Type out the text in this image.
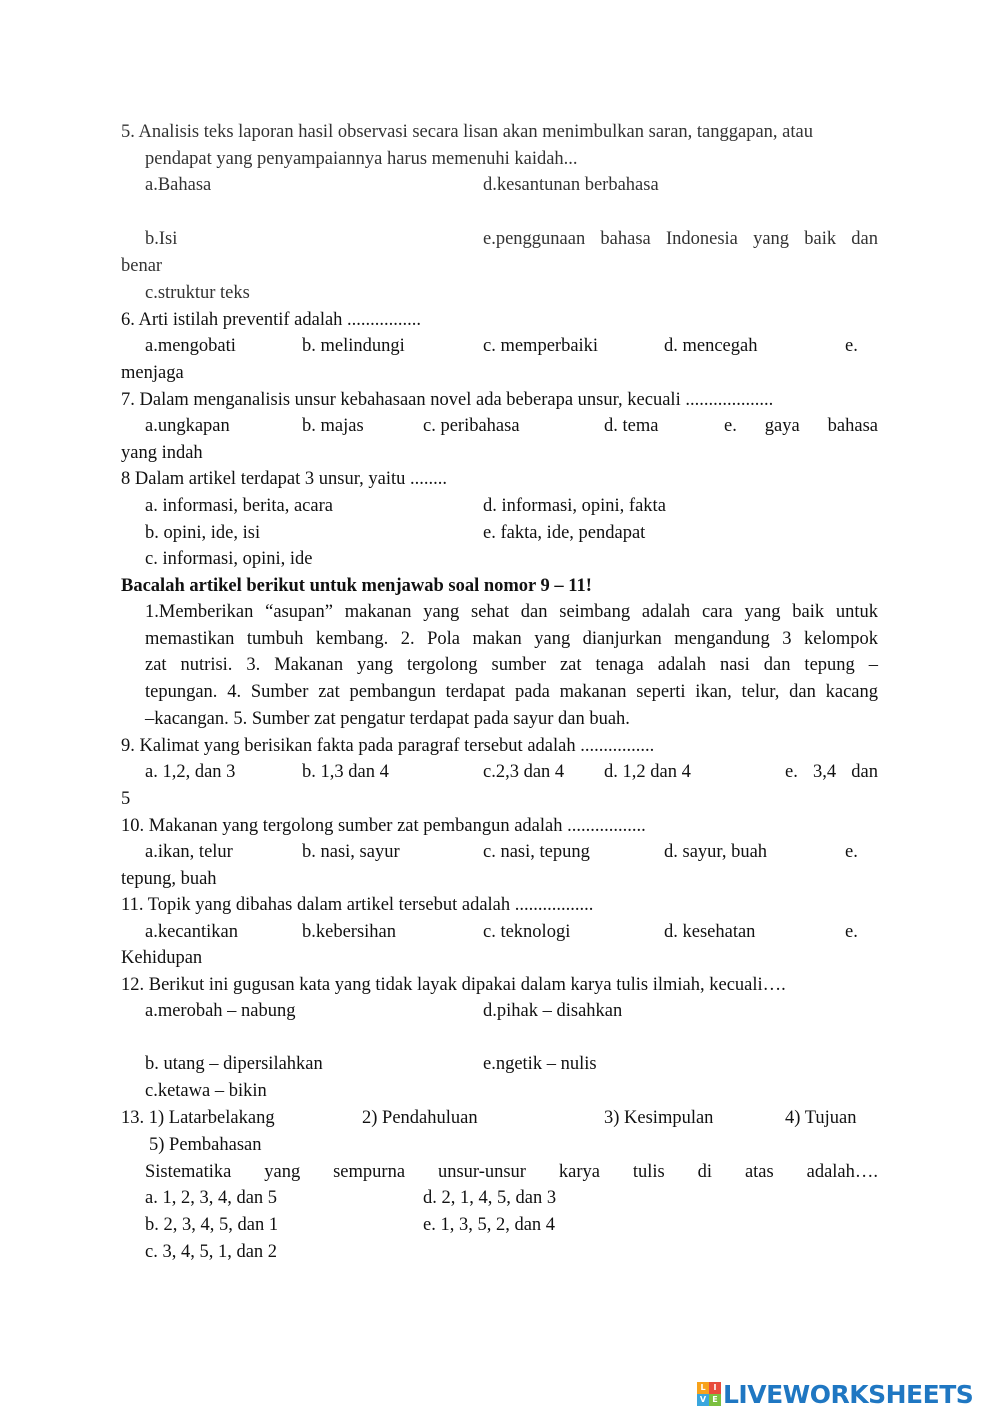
5. Analisis teks laporan hasil observasi secara lisan akan menimbulkan saran, tanggapan, atau
pendapat yang penyampaiannya harus memenuhi kaidah...
a.Bahasa	d.kesantunan berbahasa
b.Isi	e.penggunaan bahasa Indonesia yang baik dan
benar
c.struktur teks
6. Arti istilah preventif adalah ................
a.mengobati	b. melindungi	c. memperbaiki	d. mencegah	e.
menjaga
7. Dalam menganalisis unsur kebahasaan novel ada beberapa unsur, kecuali ...................
a.ungkapan	b. majas	c. peribahasa	d. tema	e. gaya bahasa
yang indah
8 Dalam artikel terdapat 3 unsur, yaitu ........
a. informasi, berita, acara	d. informasi, opini, fakta
b. opini, ide, isi	e. fakta, ide, pendapat
c. informasi, opini, ide
Bacalah artikel berikut untuk menjawab soal nomor 9 – 11!
1.Memberikan “asupan” makanan yang sehat dan seimbang adalah cara yang baik untuk
memastikan tumbuh kembang. 2. Pola makan yang dianjurkan mengandung 3 kelompok
zat nutrisi. 3. Makanan yang tergolong sumber zat tenaga adalah nasi dan tepung –
tepungan. 4. Sumber zat pembangun terdapat pada makanan seperti ikan, telur, dan kacang
–kacangan. 5. Sumber zat pengatur terdapat pada sayur dan buah.
9. Kalimat yang berisikan fakta pada paragraf tersebut adalah ................
a. 1,2, dan 3	b. 1,3 dan 4	c.2,3 dan 4 d. 1,2 dan 4	e. 3,4 dan
5
10. Makanan yang tergolong sumber zat pembangun adalah .................
a.ikan, telur	b. nasi, sayur	c. nasi, tepung	d. sayur, buah	e.
tepung, buah
11. Topik yang dibahas dalam artikel tersebut adalah .................
a.kecantikan	b.kebersihan	c. teknologi	d. kesehatan	e.
Kehidupan
12. Berikut ini gugusan kata yang tidak layak dipakai dalam karya tulis ilmiah, kecuali….
a.merobah – nabung	d.pihak – disahkan
b. utang – dipersilahkan	e.ngetik – nulis
c.ketawa – bikin
13. 1) Latarbelakang	2) Pendahuluan	3) Kesimpulan	4) Tujuan
5) Pembahasan
Sistematika yang sempurna unsur-unsur karya tulis di atas adalah….
a. 1, 2, 3, 4, dan 5	d. 2, 1, 4, 5, dan 3
b. 2, 3, 4, 5, dan 1	e. 1, 3, 5, 2, dan 4
c. 3, 4, 5, 1, dan 2
L I
V E LIVEWORKSHEETS
